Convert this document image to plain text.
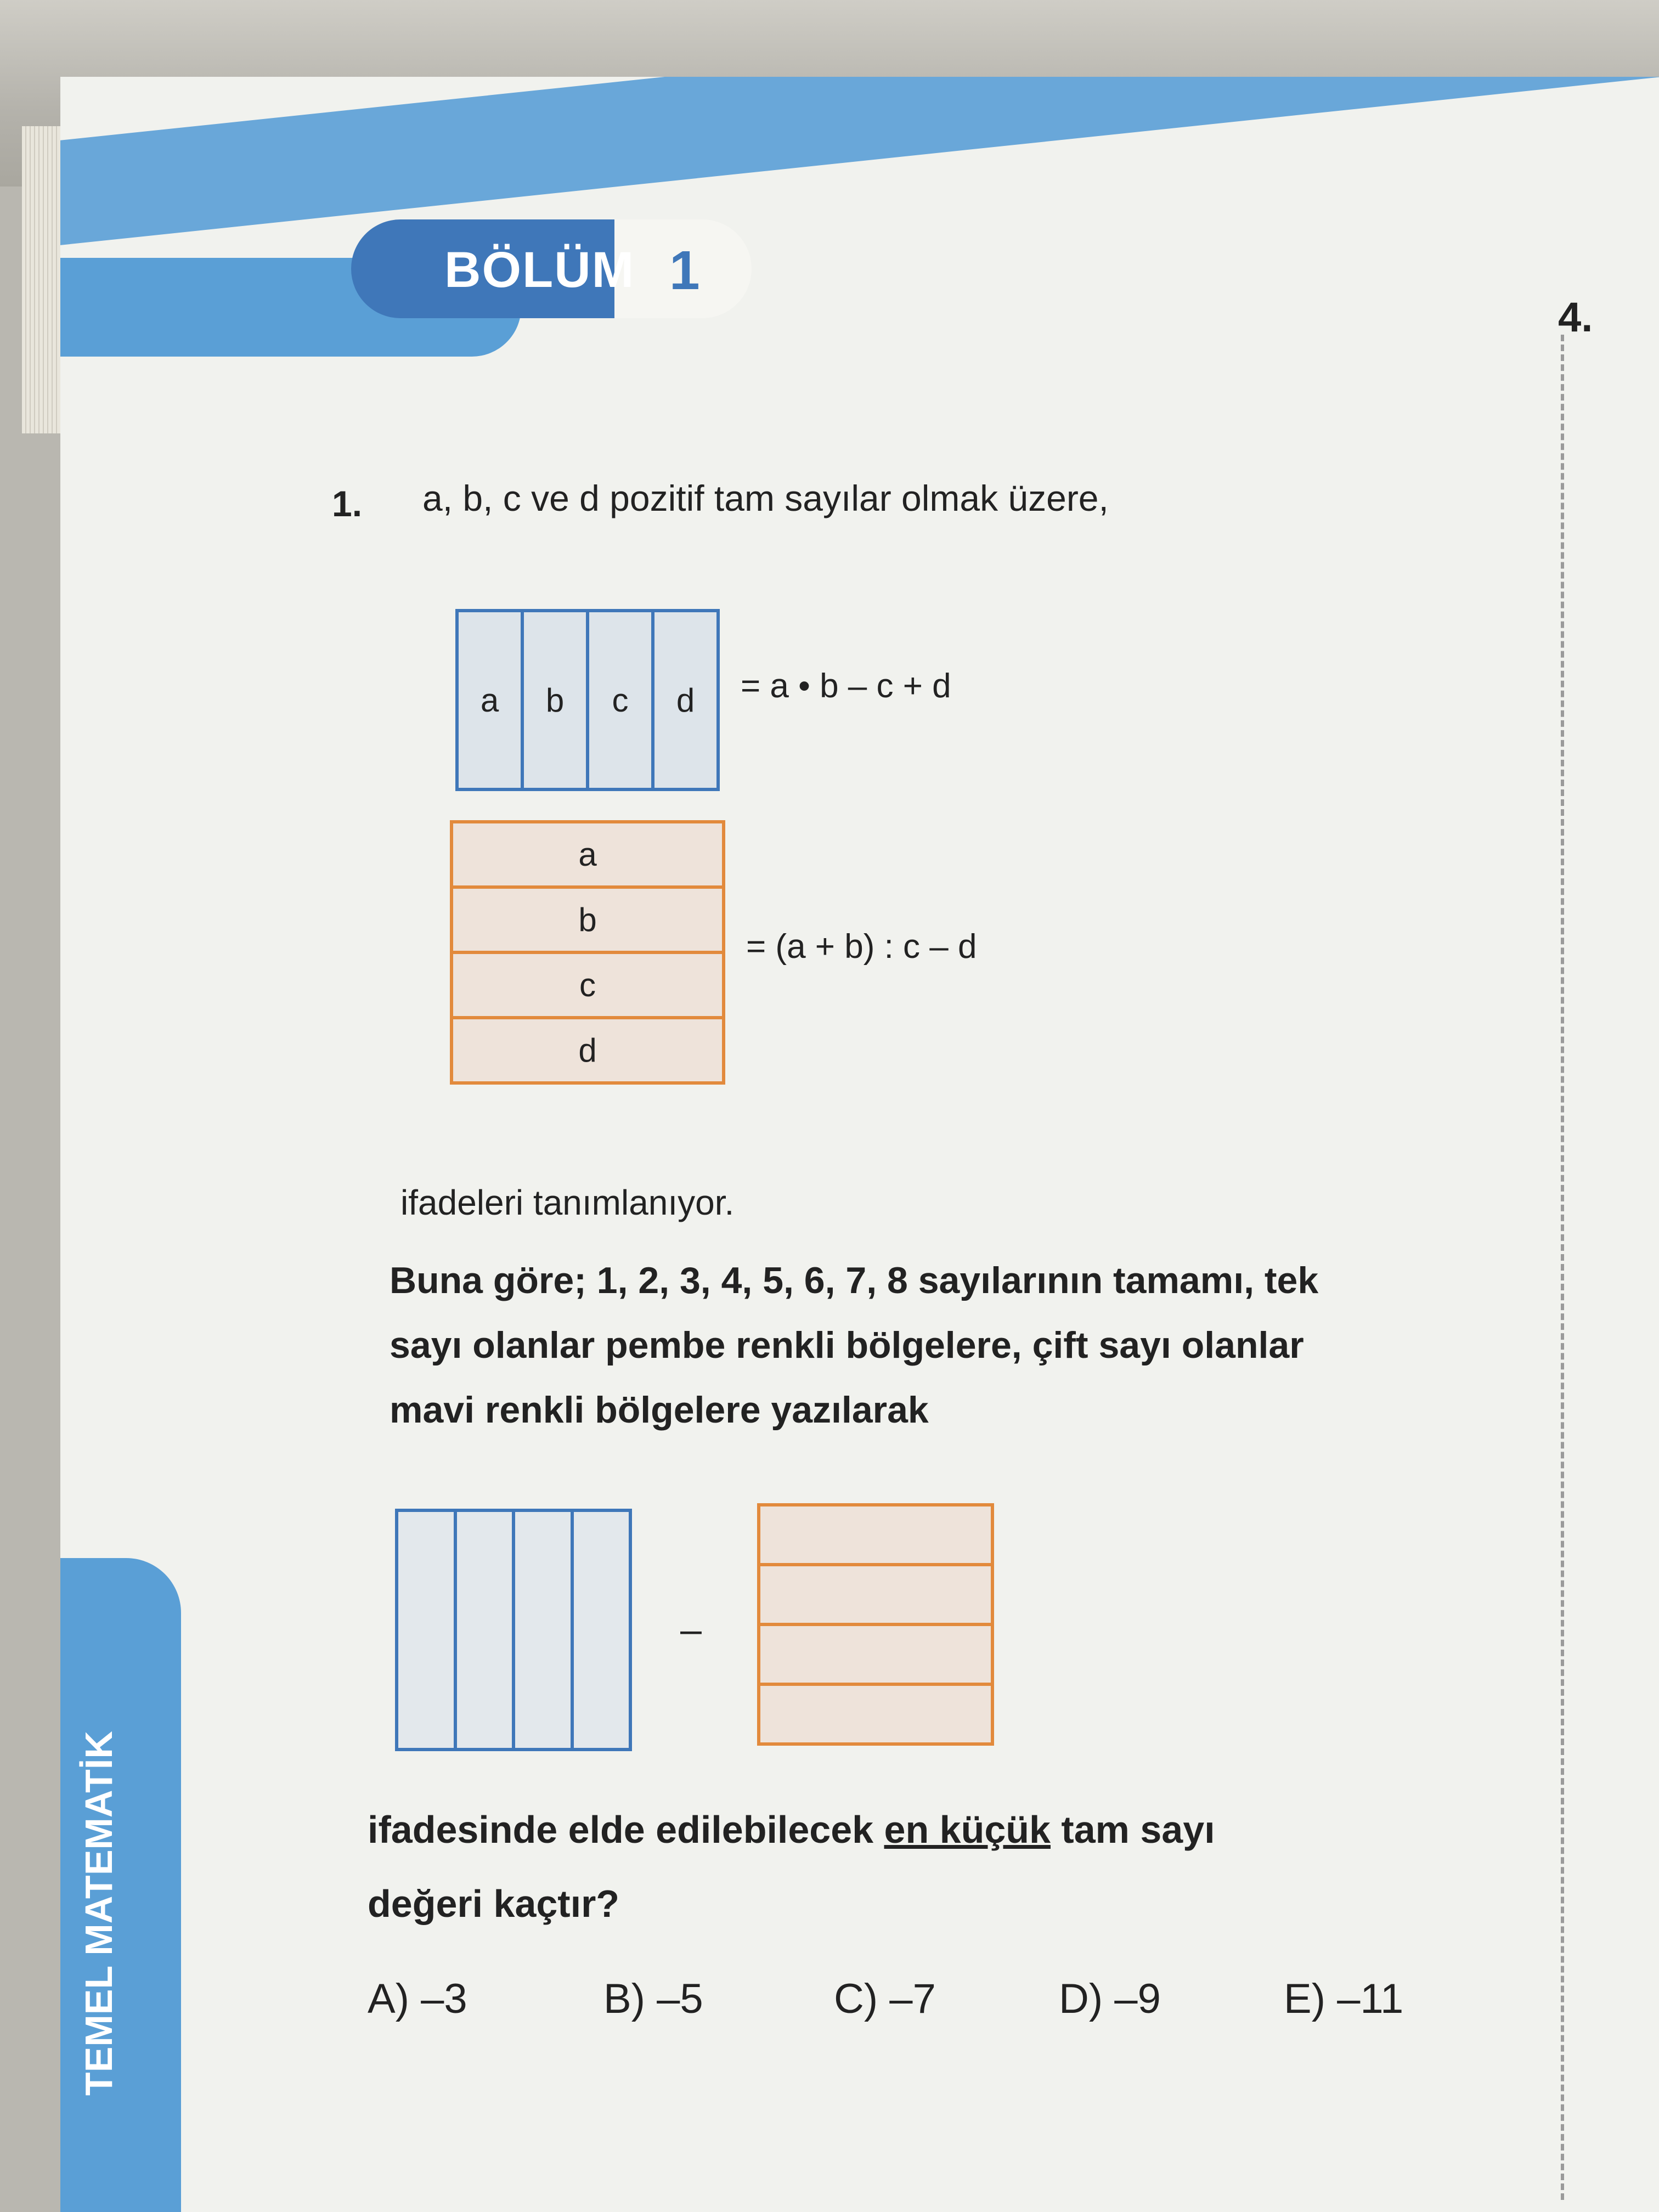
BÖLÜM 1
4.
TEMEL MATEMATİK
1. a, b, c ve d pozitif tam sayılar olmak üzere,
a	b	c	d	= a • b – c + d
a
b
c
d
= (a + b) : c – d
ifadeleri tanımlanıyor.
Buna göre; 1, 2, 3, 4, 5, 6, 7, 8 sayılarının tamamı, tek
sayı olanlar pembe renkli bölgelere, çift sayı olanlar
mavi renkli bölgelere yazılarak
–
ifadesinde elde edilebilecek en küçük tam sayı
değeri kaçtır?
A) –3	B) –5	C) –7	D) –9	E) –11
